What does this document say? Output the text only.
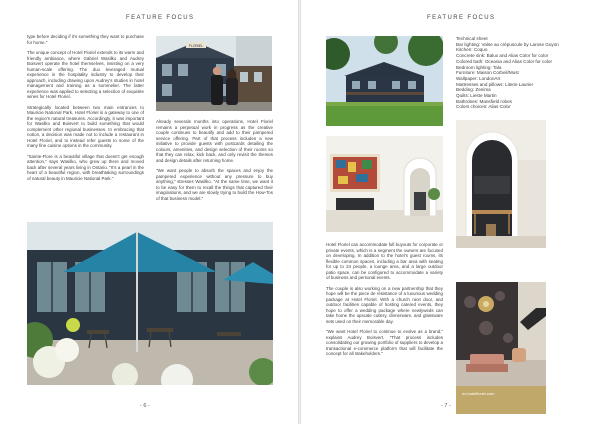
FEATURE FOCUS

type before deciding if it's something they want to purchase for home."

The unique concept of Hotel Floriel extends to its warm and friendly ambiance, where Gabriel Wasilko and Audrey Boisvert operate the hotel themselves, insisting on a very human-scale offering. The duo leveraged mutual experience in the hospitality industry to develop their approach, including drawing upon Audrey's studies in hotel management and training as a sommelier. The latter experience was applied to selecting a selection of exquisite wines for Hotel Floriel.

Strategically located between two main entrances to Mauricie National Park, Hotel Floriel is a gateway to one of the region's natural treasures. Accordingly, it was important for Wasilko and Boisvert to build something that would complement other regional businesses. In embracing that notion, a decision was made not to include a restaurant in Hotel Floriel, and to instead refer guests to some of the many fine cuisine options in the community.

"Sainte-Flore is a beautiful village that doesn't get enough attention," says Wasilko, who grew up there and moved back after several years living in Ontario. "It's a pearl in the heart of a beautiful region, with breathtaking surroundings of natural beauty in Mauricie National Park."

FLORIEL

Already severals months into operations, Hotel Floriel remains a perpetual work in progress as the creative couple continues to beautify and add to their pampered service offering. Part of that process includes a new initiative to provide guests with postcards detailing the colours, amenities, and design selection of their rooms so that they can relax, kick back, and only revisit the themes and design details after returning home.

"We want people to absorb the spaces and enjoy the pampered experience without any pressure to buy anything," stresses Wasilko. "At the same time, we want it to be easy for them to recall the things that captured their imaginations, and we are slowly trying to build the How-Tos of that business model."

- 6 -
FEATURE FOCUS
Technical sheet
Bar lighting: Valse au crépuscule by Larose Guyon
Kitchen: Coquo
Concrete sink: Balux and Alias Color for color
Colored bath: Oceania and Alias Color for color
Bedroom lighting: Tala
Furniture: Maison Corbeil/Must
Wallpaper: LondonArt
Mattresses and pillows: Literie Laurier
Bedding: Zenima
Quilts: Lieste Martin
Bathrobes: Mansfield robes
Colors choices: Alias Color

Hotel Floriel can accommodate full buyouts for corporate or private events, which is a segment the owners are focused on developing. In addition to the hotel's guest rooms, its flexible common spaces, including a bar area with seating for up to 24 people, a lounge area, and a large outdoor patio space, can be configured to accommodate a variety of business and personal events.

The couple is also working on a new partnership that they hope will be the piece de résistance of a luxurious wedding package at Hotel Floriel. With a church next door, and outdoor facilities capable of hosting catered events, they hope to offer a wedding package where newlyweds can take home the upscale cutlery, dinnerware, and glassware sets used on their memorable day.

"We want Hotel Floriel to continue to evolve as a brand," explains Audrey Boisvert. "That process includes consolidating our growing portfolio of suppliers to develop a transactional e-commerce platform that will facilitate the concept for all stakeholders."

en.hotelfloriel.com
- 7 -
